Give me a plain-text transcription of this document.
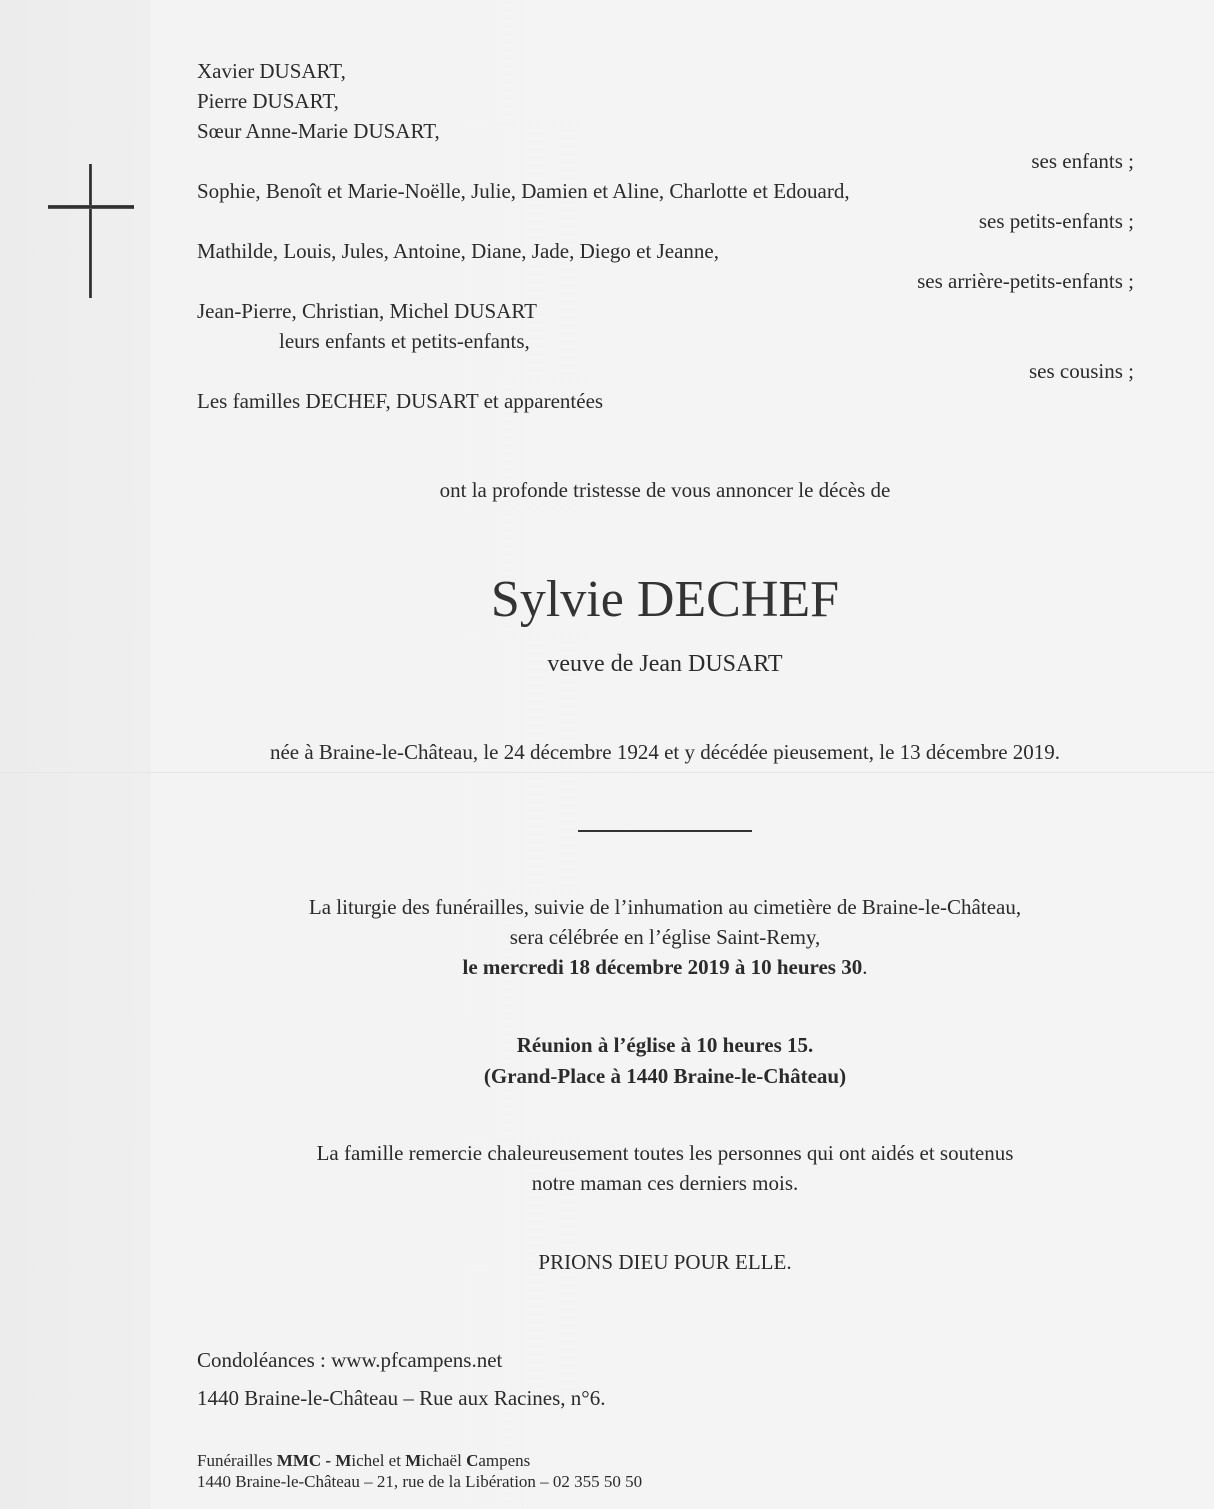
Xavier DUSART,
Pierre DUSART,
Sœur Anne-Marie DUSART,
ses enfants ;
Sophie, Benoît et Marie-Noëlle, Julie, Damien et Aline, Charlotte et Edouard,
ses petits-enfants ;
Mathilde, Louis, Jules, Antoine, Diane, Jade, Diego et Jeanne,
ses arrière-petits-enfants ;
Jean-Pierre, Christian, Michel DUSART
leurs enfants et petits-enfants,
ses cousins ;
Les familles DECHEF, DUSART et apparentées
ont la profonde tristesse de vous annoncer le décès de
Sylvie DECHEF
veuve de Jean DUSART
née à Braine-le-Château, le 24 décembre 1924 et y décédée pieusement, le 13 décembre 2019.
La liturgie des funérailles, suivie de l’inhumation au cimetière de Braine-le-Château,
sera célébrée en l’église Saint-Remy,
le mercredi 18 décembre 2019 à 10 heures 30.
Réunion à l’église à 10 heures 15.
(Grand-Place à 1440 Braine-le-Château)
La famille remercie chaleureusement toutes les personnes qui ont aidés et soutenus
notre maman ces derniers mois.
PRIONS DIEU POUR ELLE.
Condoléances : www.pfcampens.net
1440 Braine-le-Château – Rue aux Racines, n°6.
Funérailles MMC - Michel et Michaël Campens
1440 Braine-le-Château – 21, rue de la Libération – 02 355 50 50
